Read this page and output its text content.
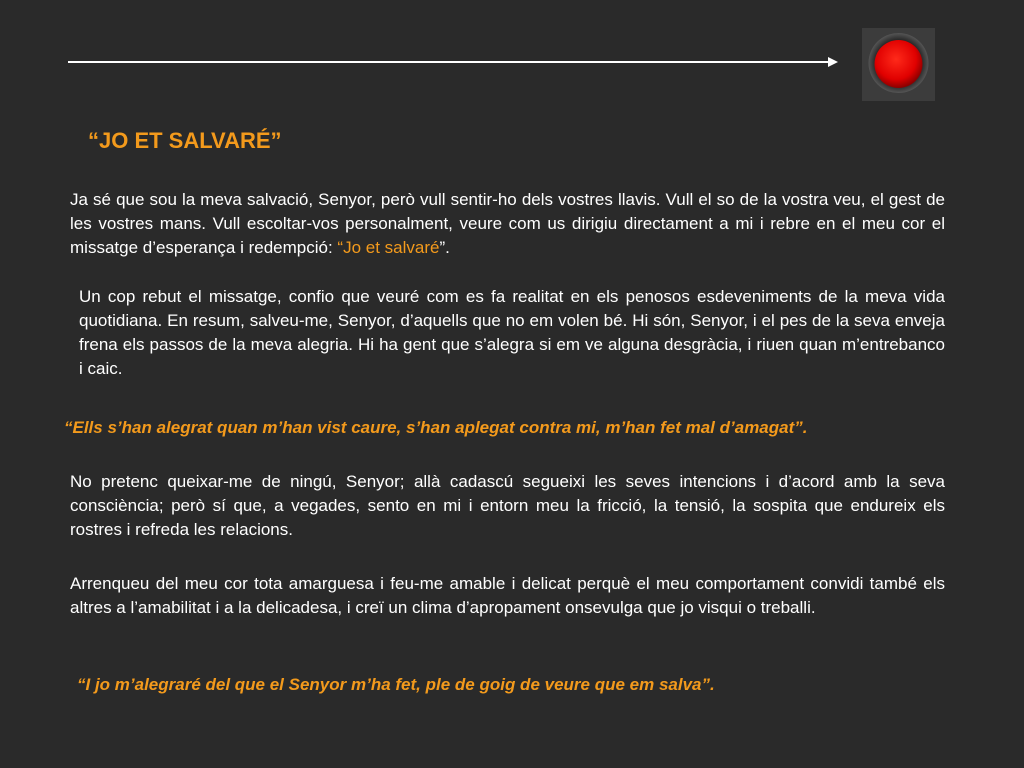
“JO ET SALVARÉ”

Ja sé que sou la meva salvació, Senyor, però vull sentir-ho dels vostres llavis. Vull el so de la vostra veu, el gest de les vostres mans. Vull escoltar-vos personalment, veure com us dirigiu directament a mi i rebre en el meu cor el missatge d’esperança i redempció: “Jo et salvaré”.

Un cop rebut el missatge, confio que veuré com es fa realitat en els penosos esdeveniments de la meva vida quotidiana. En resum, salveu-me, Senyor, d’aquells que no em volen bé. Hi són, Senyor, i el pes de la seva enveja frena els passos de la meva alegria. Hi ha gent que s’alegra si em ve alguna desgràcia, i riuen quan m’entrebanco i caic.

“Ells s’han alegrat quan m’han vist caure, s’han aplegat contra mi, m’han fet mal d’amagat”.

No pretenc queixar-me de ningú, Senyor; allà cadascú segueixi les seves intencions i d’acord amb la seva consciència; però sí que, a vegades, sento en mi i entorn meu la fricció, la tensió, la sospita que endureix els rostres i refreda les relacions.

Arrenqueu del meu cor tota amarguesa i feu-me amable i delicat perquè el meu comportament convidi també els altres a l’amabilitat i a la delicadesa, i creï un clima d’apropament onsevulga que jo visqui o treballi.

“I jo m’alegraré del que el Senyor m’ha fet, ple de goig de veure que em salva”.
